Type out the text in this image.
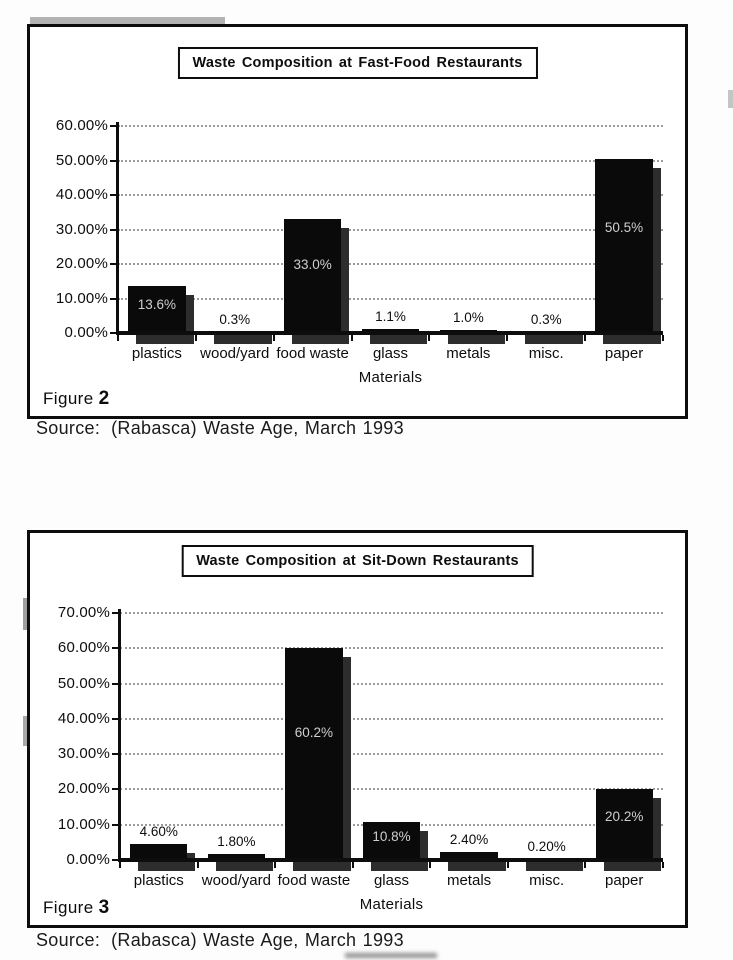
Waste Composition at Fast-Food Restaurants
60.00%
50.00%
40.00%
30.00%
20.00%
10.00%
0.00%
13.6%
0.3%
33.0%
1.1%	1.0%	0.3%
50.5%
plastics	wood/yard food waste	glass	metals	misc.	paper
Materials
Figure 2
Source: (Rabasca) Waste Age, March 1993
Waste Composition at Sit-Down Restaurants
70.00%
60.00%
50.00%
40.00%
30.00%
20.00%
10.00%
0.00%
4.60%
1.80%
60.2%
10.8%	2.40%
0.20%
20.2%
plastics	wood/yard food waste	glass	metals	misc.	paper
Materials
Figure 3
Source: (Rabasca) Waste Age, March 1993
